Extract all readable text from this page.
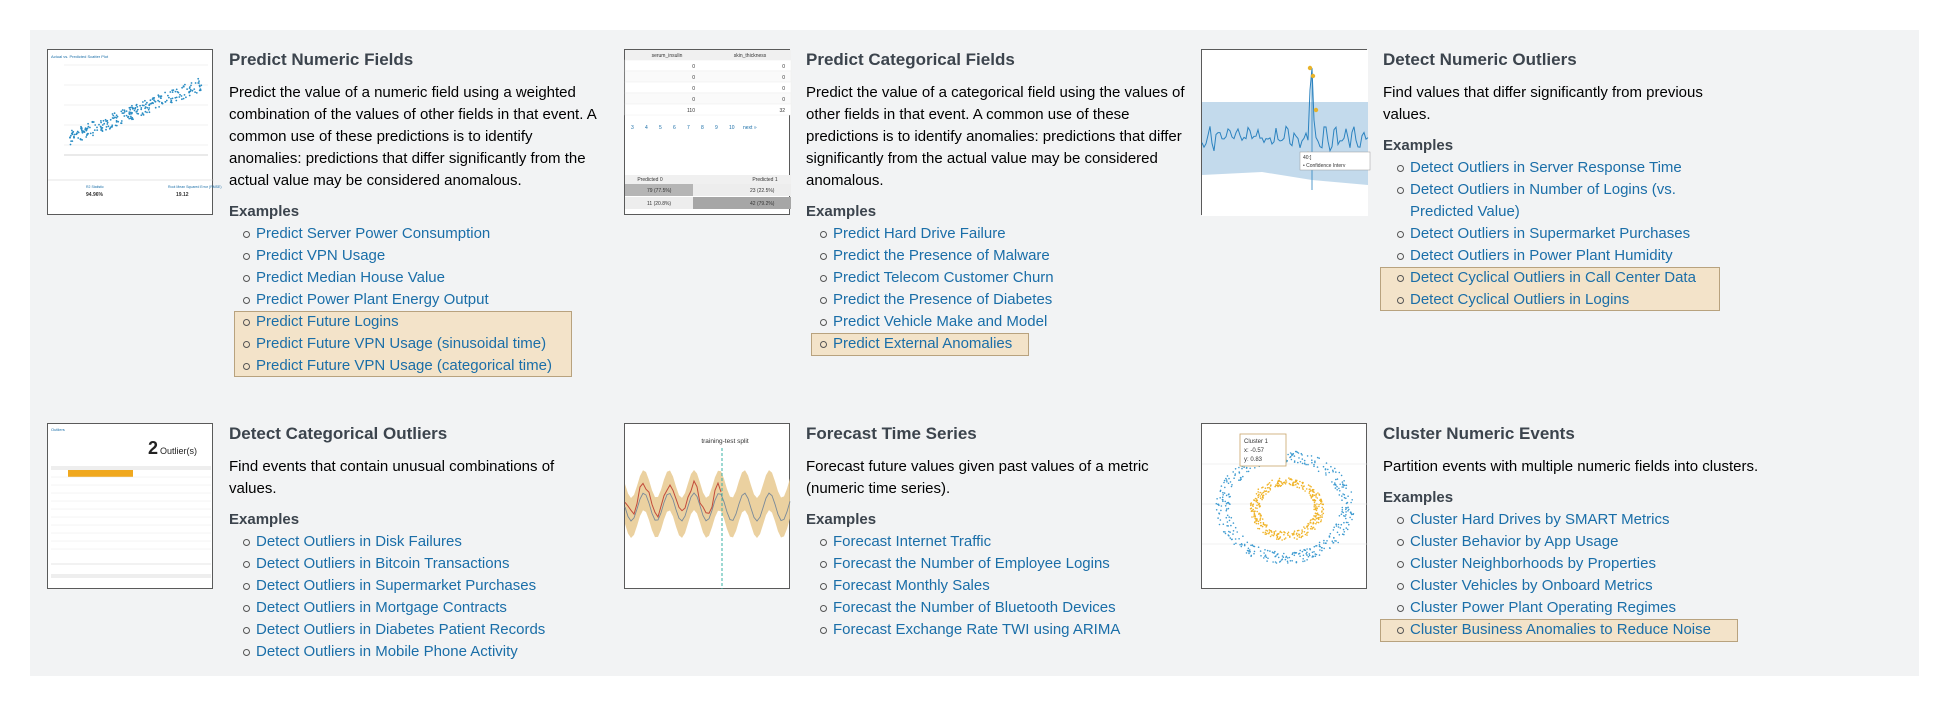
Actual vs. Predicted Scatter Plot
R2 Statistic	Root Mean Squared Error (RMSE)
94.96%	19.12
Predict Numeric Fields

Predict the value of a numeric field using a weighted combination of the values of other fields in that event. A common use of these predictions is to identify anomalies: predictions that differ significantly from the actual value may be considered anomalous.

Examples
Predict Server Power Consumption
Predict VPN Usage
Predict Median House Value
Predict Power Plant Energy Output
Predict Future Logins
Predict Future VPN Usage (sinusoidal time)
Predict Future VPN Usage (categorical time)
serum_insulin	skin_thickness
0	0
0	0
0	0
0	0
110	32
3 4 5 6 7 8 9 10 next »
Predicted 0	Predicted 1
79 (77.5%)	23 (22.5%)
11 (20.8%)	42 (79.2%)
Predict Categorical Fields

Predict the value of a categorical field using the values of other fields in that event. A common use of these predictions is to identify anomalies: predictions that differ significantly from the actual value may be considered anomalous.

Examples
Predict Hard Drive Failure
Predict the Presence of Malware
Predict Telecom Customer Churn
Predict the Presence of Diabetes
Predict Vehicle Make and Model
Predict External Anomalies
40:]
• Confidence Interv
Detect Numeric Outliers

Find values that differ significantly from previous values.

Examples
Detect Outliers in Server Response Time
Detect Outliers in Number of Logins (vs. Predicted Value)
Detect Outliers in Supermarket Purchases
Detect Outliers in Power Plant Humidity
Detect Cyclical Outliers in Call Center Data
Detect Cyclical Outliers in Logins
Outliers
2 Outlier(s)
Detect Categorical Outliers

Find events that contain unusual combinations of values.

Examples
Detect Outliers in Disk Failures
Detect Outliers in Bitcoin Transactions
Detect Outliers in Supermarket Purchases
Detect Outliers in Mortgage Contracts
Detect Outliers in Diabetes Patient Records
Detect Outliers in Mobile Phone Activity
training-test split	Forecast Time Series

Forecast future values given past values of a metric (numeric time series).

Examples
Forecast Internet Traffic
Forecast the Number of Employee Logins
Forecast Monthly Sales
Forecast the Number of Bluetooth Devices
Forecast Exchange Rate TWI using ARIMA
Cluster 1
x: -0.57
y: 0.83
Cluster Numeric Events

Partition events with multiple numeric fields into clusters.

Examples
Cluster Hard Drives by SMART Metrics
Cluster Behavior by App Usage
Cluster Neighborhoods by Properties
Cluster Vehicles by Onboard Metrics
Cluster Power Plant Operating Regimes
Cluster Business Anomalies to Reduce Noise
